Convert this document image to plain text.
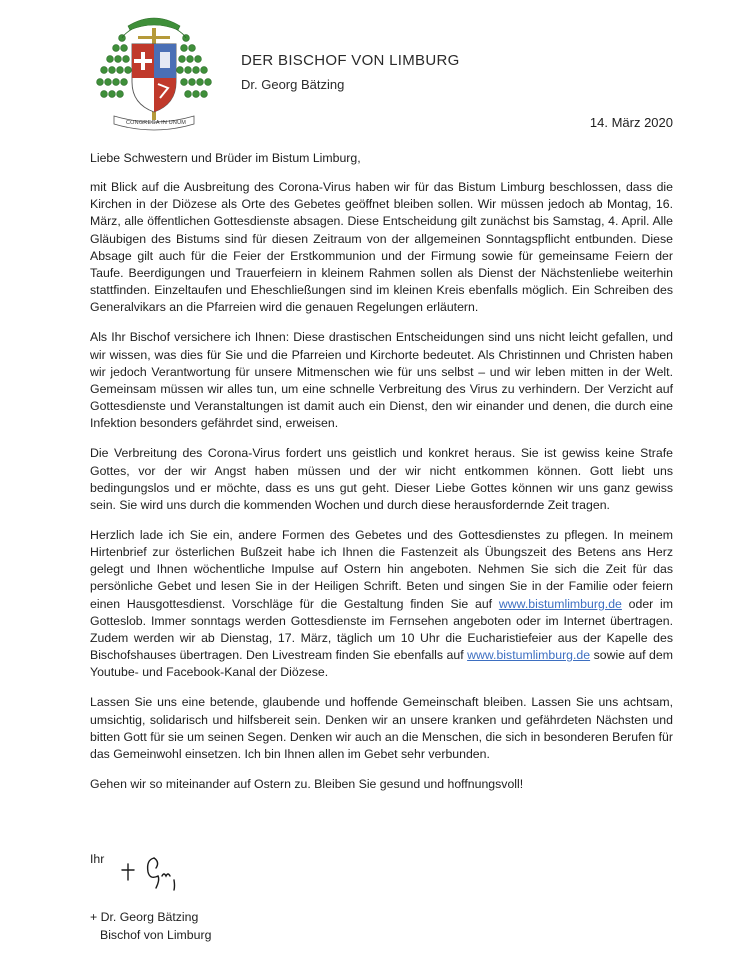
CONGREGA IN UNUM
DER BISCHOF VON LIMBURG
Dr. Georg Bätzing
14. März 2020

Liebe Schwestern und Brüder im Bistum Limburg,

mit Blick auf die Ausbreitung des Corona-Virus haben wir für das Bistum Limburg beschlossen, dass die Kirchen in der Diözese als Orte des Gebetes geöffnet bleiben sollen. Wir müssen jedoch ab Montag, 16. März, alle öffentlichen Gottesdienste absagen. Diese Entscheidung gilt zunächst bis Samstag, 4. April. Alle Gläubigen des Bistums sind für diesen Zeitraum von der allgemeinen Sonntagspflicht entbunden. Diese Absage gilt auch für die Feier der Erstkommunion und der Firmung sowie für gemeinsame Feiern der Taufe. Beerdigungen und Trauerfeiern in kleinem Rahmen sollen als Dienst der Nächstenliebe weiterhin stattfinden. Einzeltaufen und Eheschließungen sind im kleinen Kreis ebenfalls möglich. Ein Schreiben des Generalvikars an die Pfarreien wird die genauen Regelungen erläutern.

Als Ihr Bischof versichere ich Ihnen: Diese drastischen Entscheidungen sind uns nicht leicht gefallen, und wir wissen, was dies für Sie und die Pfarreien und Kirchorte bedeutet. Als Christinnen und Christen haben wir jedoch Verantwortung für unsere Mitmenschen wie für uns selbst – und wir leben mitten in der Welt. Gemeinsam müssen wir alles tun, um eine schnelle Verbreitung des Virus zu verhindern. Der Verzicht auf Gottesdienste und Veranstaltungen ist damit auch ein Dienst, den wir einander und denen, die durch eine Infektion besonders gefährdet sind, erweisen.

Die Verbreitung des Corona-Virus fordert uns geistlich und konkret heraus. Sie ist gewiss keine Strafe Gottes, vor der wir Angst haben müssen und der wir nicht entkommen können. Gott liebt uns bedingungslos und er möchte, dass es uns gut geht. Dieser Liebe Gottes können wir uns ganz gewiss sein. Sie wird uns durch die kommenden Wochen und durch diese herausfordernde Zeit tragen.

Herzlich lade ich Sie ein, andere Formen des Gebetes und des Gottesdienstes zu pflegen. In meinem Hirtenbrief zur österlichen Bußzeit habe ich Ihnen die Fastenzeit als Übungszeit des Betens ans Herz gelegt und Ihnen wöchentliche Impulse auf Ostern hin angeboten. Nehmen Sie sich die Zeit für das persönliche Gebet und lesen Sie in der Heiligen Schrift. Beten und singen Sie in der Familie oder feiern einen Hausgottesdienst. Vorschläge für die Gestaltung finden Sie auf www.bistumlimburg.de oder im Gotteslob. Immer sonntags werden Gottesdienste im Fernsehen angeboten oder im Internet übertragen. Zudem werden wir ab Dienstag, 17. März, täglich um 10 Uhr die Eucharistiefeier aus der Kapelle des Bischofshauses übertragen. Den Livestream finden Sie ebenfalls auf www.bistumlimburg.de sowie auf dem Youtube- und Facebook-Kanal der Diözese.

Lassen Sie uns eine betende, glaubende und hoffende Gemeinschaft bleiben. Lassen Sie uns achtsam, umsichtig, solidarisch und hilfsbereit sein. Denken wir an unsere kranken und gefährdeten Nächsten und bitten Gott für sie um seinen Segen. Denken wir auch an die Menschen, die sich in besonderen Berufen für das Gemeinwohl einsetzen. Ich bin Ihnen allen im Gebet sehr verbunden.

Gehen wir so miteinander auf Ostern zu. Bleiben Sie gesund und hoffnungsvoll!

Ihr
+ Dr. Georg Bätzing
Bischof von Limburg
